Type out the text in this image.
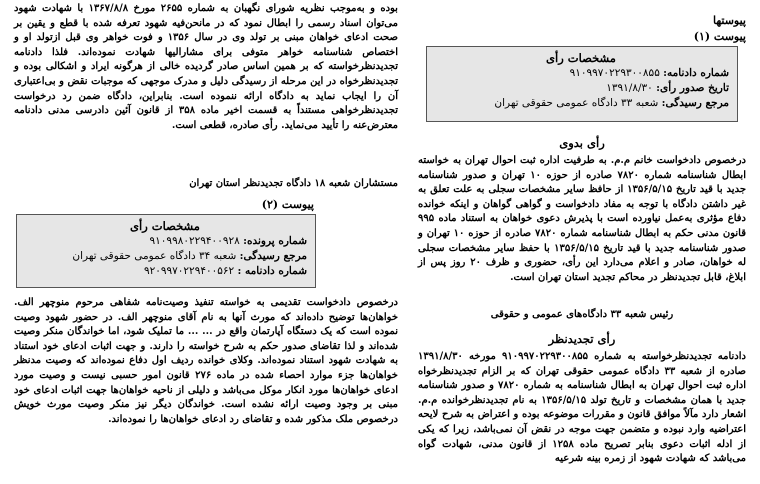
پیوستها
پیوست (۱)
مشخصات رأی
شماره دادنامه: ۹۱۰۹۹۷۰۲۲۹۳۰۰۸۵۵
تاریخ صدور رأی: ۱۳۹۱/۸/۳۰
مرجع رسیدگی: شعبه ۳۳ دادگاه عمومی حقوقی تهران
رأی بدوی

درخصوص دادخواست خانم م.م. به طرفیت اداره ثبت احوال تهران به خواسته ابطال شناسنامه شماره ۷۸۲۰ صادره از حوزه ۱۰ تهران و صدور شناسنامه جدید با قید تاریخ ۱۳۵۶/۵/۱۵ از حافظ سایر مشخصات سجلی به علت تعلق به غیر داشتن دادگاه با توجه به مفاد دادخواست و گواهی گواهان و اینکه خوانده دفاع مؤثری به‌عمل نیاورده است با پذیرش دعوی خواهان به استناد ماده ۹۹۵ قانون مدنی حکم به ابطال شناسنامه شماره ۷۸۲۰ صادره از حوزه ۱۰ تهران و صدور شناسنامه جدید با قید تاریخ ۱۳۵۶/۵/۱۵ با حفظ سایر مشخصات سجلی له خواهان، صادر و اعلام می‌دارد این رأی، حضوری و ظرف ۲۰ روز پس از ابلاغ، قابل تجدیدنظر در محاکم تجدید استان تهران است.

رئیس شعبه ۳۳ دادگاه‌های عمومی و حقوقی

رأی تجدیدنظر

دادنامه تجدیدنظرخواسته به شماره ۹۱۰۹۹۷۰۲۲۹۳۰۰۸۵۵ مورخه ۱۳۹۱/۸/۳۰ صادره از شعبه ۳۳ دادگاه عمومی حقوقی تهران که بر الزام تجدیدنظرخواه اداره ثبت احوال تهران به ابطال شناسنامه به شماره ۷۸۲۰ و صدور شناسنامه جدید با همان مشخصات و تاریخ تولد ۱۳۵۶/۵/۱۵ به نام تجدیدنظرخوانده م.م. اشعار دارد مآلاً موافق قانون و مقررات موضوعه بوده و اعتراض به شرح لایحه اعتراضیه وارد نبوده و متضمن جهت موجه در نقض آن نمی‌باشد، زیرا که یکی از ادله اثبات دعوی بنابر تصریح ماده ۱۲۵۸ از قانون مدنی، شهادت گواه می‌باشد که شهادت شهود از زمره بینه شرعیه

بوده و به‌موجب نظریه شورای نگهبان به شماره ۲۶۵۵ مورخ ۱۳۶۷/۸/۸ با شهادت شهود می‌توان اسناد رسمی را ابطال نمود که در مانحن‌فیه شهود تعرفه شده با قطع و یقین بر صحت ادعای خواهان مبنی بر تولد وی در سال ۱۳۵۶ و فوت خواهر وی قبل ازتولد او و اختصاص شناسنامه خواهر متوفی برای مشارالیها شهادت نموده‌اند. فلذا دادنامه تجدیدنظرخواسته که بر همین اساس صادر گردیده خالی از هرگونه ایراد و اشکالی بوده و تجدیدنظرخواه در این مرحله از رسیدگی دلیل و مدرک موجهی که موجبات نقض و بی‌اعتباری آن را ایجاب نماید به دادگاه ارائه ننموده است. بنابراین، دادگاه ضمن رد درخواست تجدیدنظرخواهی مستنداً به قسمت اخیر ماده ۳۵۸ از قانون آئین دادرسی مدنی دادنامه معترض‌عنه را تأیید می‌نماید. رأی صادره، قطعی است.

مستشاران شعبه ۱۸ دادگاه تجدیدنظر استان تهران

پیوست (۲)
مشخصات رأی
شماره پرونده: ۹۱۰۹۹۸۰۲۲۹۴۰۰۹۲۸
مرجع رسیدگی: شعبه ۳۴ دادگاه عمومی حقوقی تهران
شماره دادنامه : ۹۲۰۹۹۷۰۲۲۹۴۰۰۵۶۲

درخصوص دادخواست تقدیمی به خواسته تنفیذ وصیت‌نامه شفاهی مرحوم منوچهر الف. خواهان‌ها توضیح داده‌اند که مورث آنها به نام آقای منوچهر الف. در حضور شهود وصیت نموده است که یک دستگاه آپارتمان واقع در ... ... ما تملیک شود، اما خواندگان منکر وصیت شده‌اند و لذا تقاضای صدور حکم به شرح خواسته را دارند. و جهت اثبات ادعای خود استناد به شهادت شهود استناد نموده‌اند. وکلای خوانده ردیف اول دفاع نموده‌اند که وصیت مدنظر خواهان‌ها جزء موارد احصاء شده در ماده ۲۷۶ قانون امور حسبی نیست و وصیت مورد ادعای خواهان‌ها مورد انکار موکل می‌باشد و دلیلی از ناحیه خواهان‌ها جهت اثبات ادعای خود مبنی بر وجود وصیت ارائه نشده است. خواندگان دیگر نیز منکر وصیت مورث خویش درخصوص ملک مذکور شده و تقاضای رد ادعای خواهان‌ها را نموده‌اند.
